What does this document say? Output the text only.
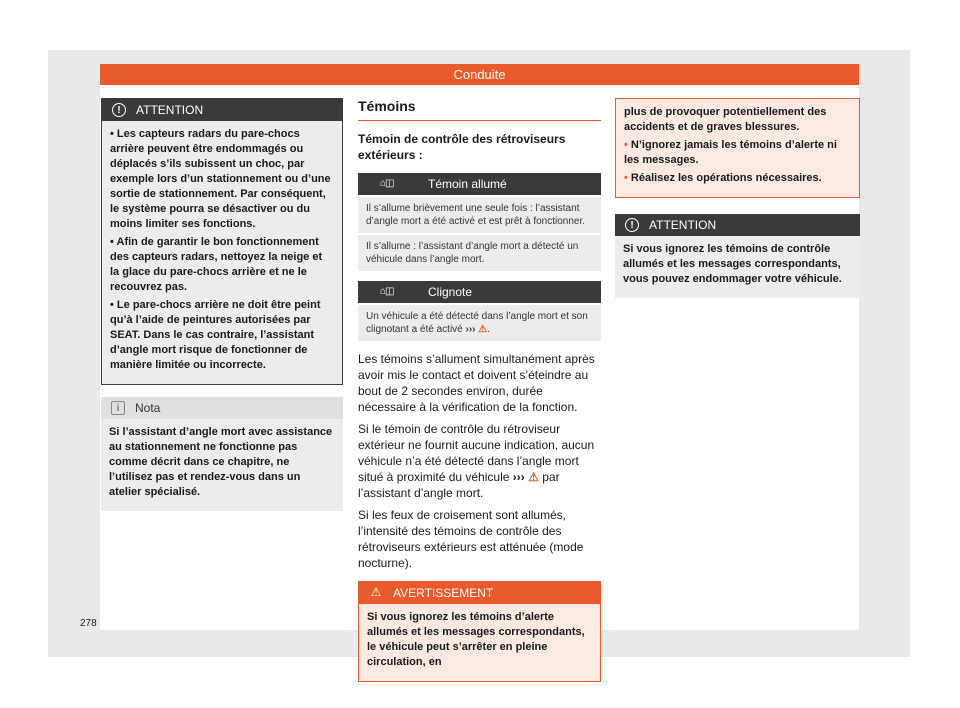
Conduite
!	ATTENTION

• Les capteurs radars du pare-chocs arrière peuvent être endommagés ou déplacés s’ils subissent un choc, par exemple lors d’un stationnement ou d’une sortie de stationnement. Par conséquent, le système pourra se désactiver ou du moins limiter ses fonctions.

• Afin de garantir le bon fonctionnement des capteurs radars, nettoyez la neige et la glace du pare-chocs arrière et ne le recouvrez pas.

• Le pare-chocs arrière ne doit être peint qu’à l’aide de peintures autorisées par SEAT. Dans le cas contraire, l’assistant d’angle mort risque de fonctionner de manière limitée ou incorrecte.

i	Nota

Si l’assistant d’angle mort avec assistance au stationnement ne fonctionne pas comme décrit dans ce chapitre, ne l’utilisez pas et rendez-vous dans un atelier spécialisé.

Témoins
Témoin de contrôle des rétroviseurs extérieurs :
⌂◫	Témoin allumé
Il s’allume brièvement une seule fois : l’assistant d’angle mort a été activé et est prêt à fonctionner.
Il s’allume : l’assistant d’angle mort a détecté un véhicule dans l’angle mort.
⌂◫	Clignote
Un véhicule a été détecté dans l’angle mort et son clignotant a été activé ››› ⚠.

Les témoins s’allument simultanément après avoir mis le contact et doivent s’éteindre au bout de 2 secondes environ, durée nécessaire à la vérification de la fonction.

Si le témoin de contrôle du rétroviseur extérieur ne fournit aucune indication, aucun véhicule n’a été détecté dans l’angle mort situé à proximité du véhicule ››› ⚠ par l’assistant d’angle mort.

Si les feux de croisement sont allumés, l’intensité des témoins de contrôle des rétroviseurs extérieurs est atténuée (mode nocturne).

⚠ AVERTISSEMENT

Si vous ignorez les témoins d’alerte allumés et les messages correspondants, le véhicule peut s’arrêter en pleine circulation, en

plus de provoquer potentiellement des accidents et de graves blessures.

• N’ignorez jamais les témoins d’alerte ni les messages.

• Réalisez les opérations nécessaires.

!	ATTENTION

Si vous ignorez les témoins de contrôle allumés et les messages correspondants, vous pouvez endommager votre véhicule.

278
